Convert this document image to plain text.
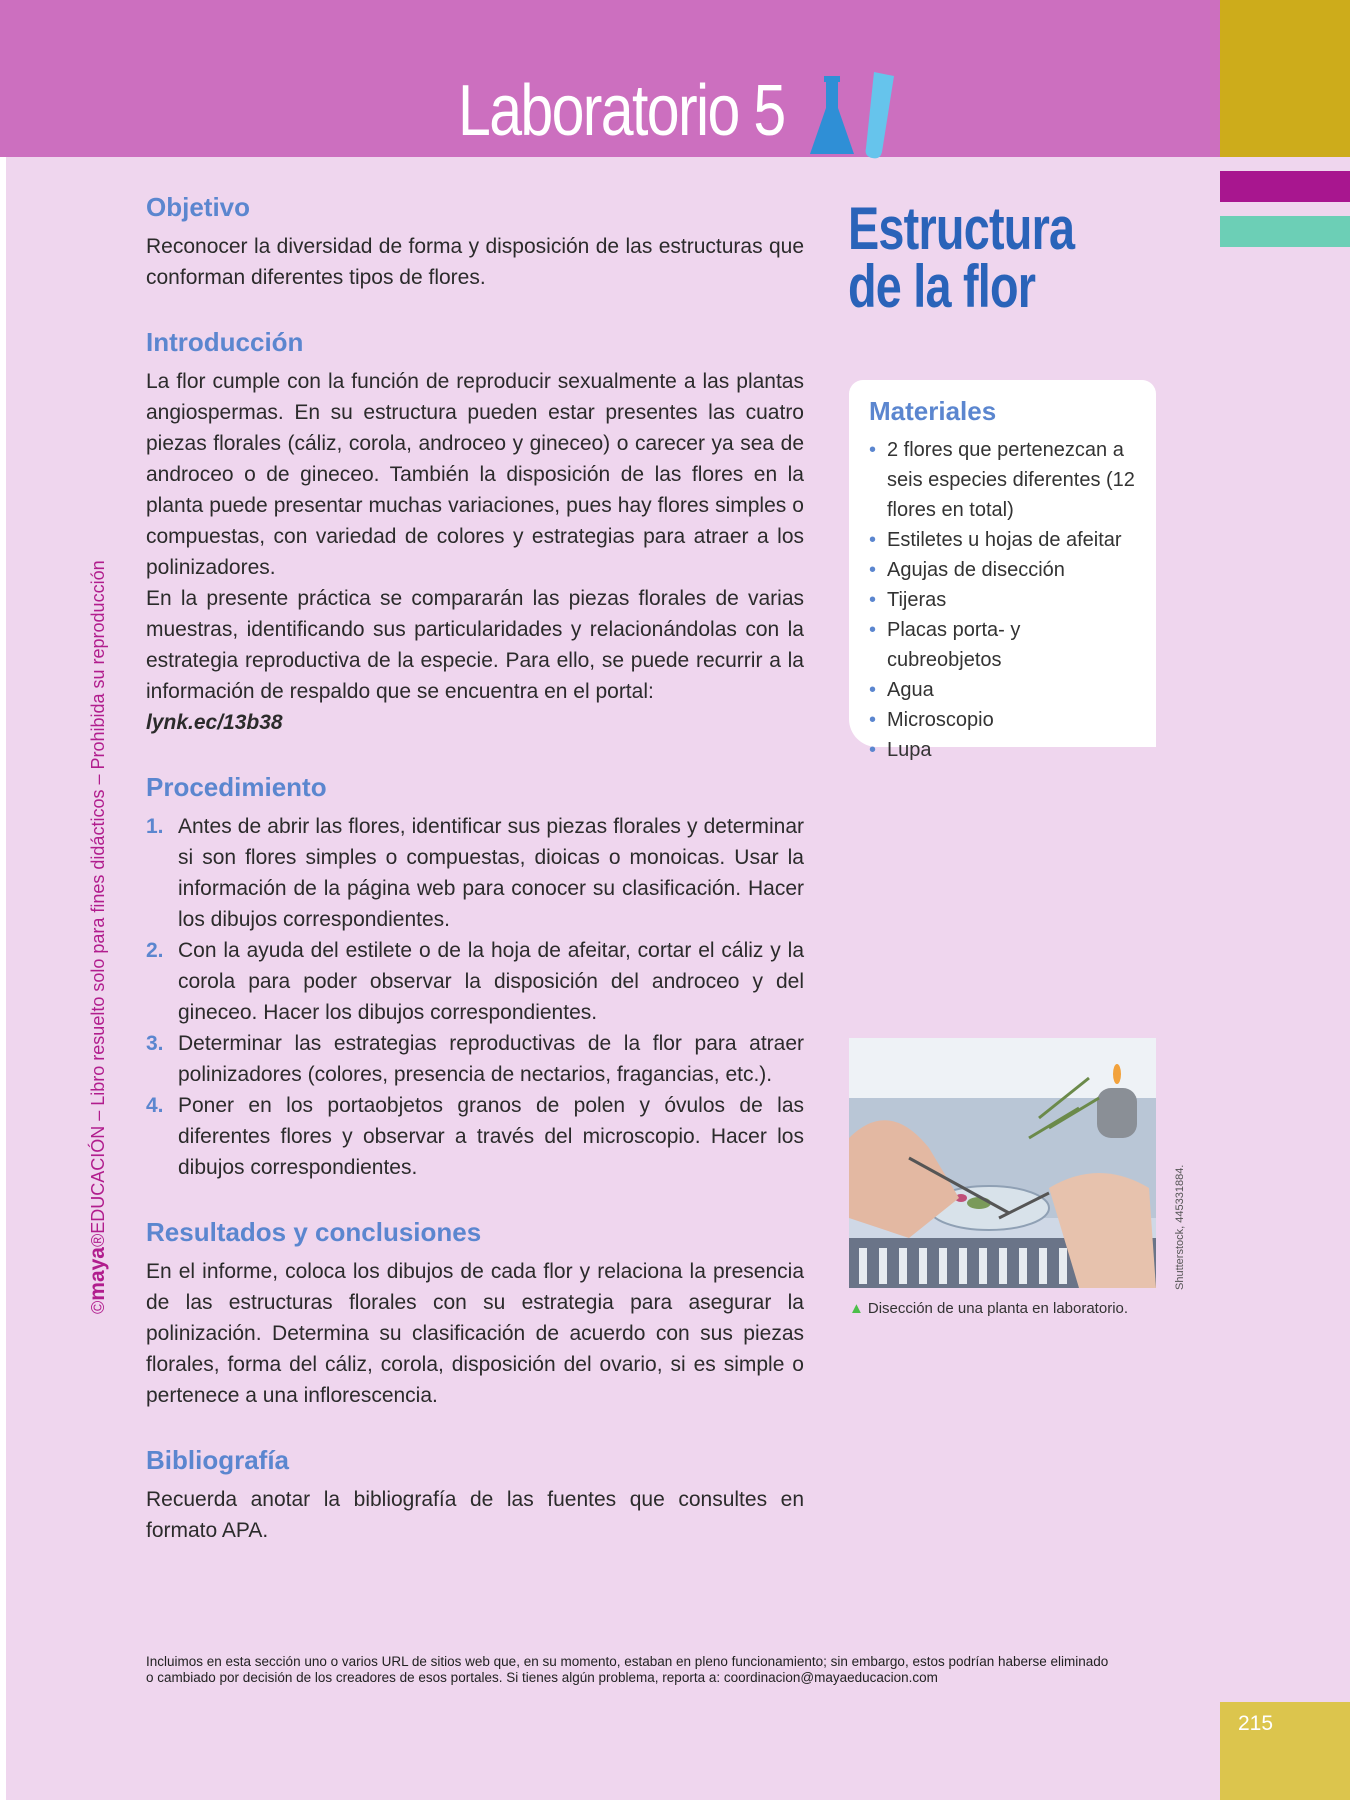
Laboratorio 5
©maya®EDUCACIÓN – Libro resuelto solo para fines didácticos – Prohibida su reproducción
Objetivo

Reconocer la diversidad de forma y disposición de las estructuras que conforman diferentes tipos de flores.

Introducción

La flor cumple con la función de reproducir sexualmente a las plantas angiospermas. En su estructura pueden estar presentes las cuatro piezas florales (cáliz, corola, androceo y gineceo) o carecer ya sea de androceo o de gineceo. También la disposición de las flores en la planta puede presentar muchas variaciones, pues hay flores simples o compuestas, con variedad de colores y estrategias para atraer a los polinizadores.

En la presente práctica se compararán las piezas florales de varias muestras, identificando sus particularidades y relacionándolas con la estrategia reproductiva de la especie. Para ello, se puede recurrir a la información de respaldo que se encuentra en el portal:

lynk.ec/13b38

Procedimiento
1. Antes de abrir las flores, identificar sus piezas florales y determinar si son flores simples o compuestas, dioicas o monoicas. Usar la información de la página web para conocer su clasificación. Hacer los dibujos correspondientes.
2. Con la ayuda del estilete o de la hoja de afeitar, cortar el cáliz y la corola para poder observar la disposición del androceo y del gineceo. Hacer los dibujos correspondientes.
3. Determinar las estrategias reproductivas de la flor para atraer polinizadores (colores, presencia de nectarios, fragancias, etc.).
4. Poner en los portaobjetos granos de polen y óvulos de las diferentes flores y observar a través del microscopio. Hacer los dibujos correspondientes.
Resultados y conclusiones

En el informe, coloca los dibujos de cada flor y relaciona la presencia de las estructuras florales con su estrategia para asegurar la polinización. Determina su clasificación de acuerdo con sus piezas florales, forma del cáliz, corola, disposición del ovario, si es simple o pertenece a una inflorescencia.

Bibliografía

Recuerda anotar la bibliografía de las fuentes que consultes en formato APA.

Estructura
de la flor
Materiales
• 2 flores que pertenezcan a seis especies diferentes (12 flores en total)
• Estiletes u hojas de afeitar
• Agujas de disección
• Tijeras
• Placas porta- y cubreobjetos
• Agua
• Microscopio
• Lupa
Shutterstock, 445331884.
▲ Disección de una planta en laboratorio.
Incluimos en esta sección uno o varios URL de sitios web que, en su momento, estaban en pleno funcionamiento; sin embargo, estos podrían haberse eliminado
o cambiado por decisión de los creadores de esos portales. Si tienes algún problema, reporta a: coordinacion@mayaeducacion.com
215
